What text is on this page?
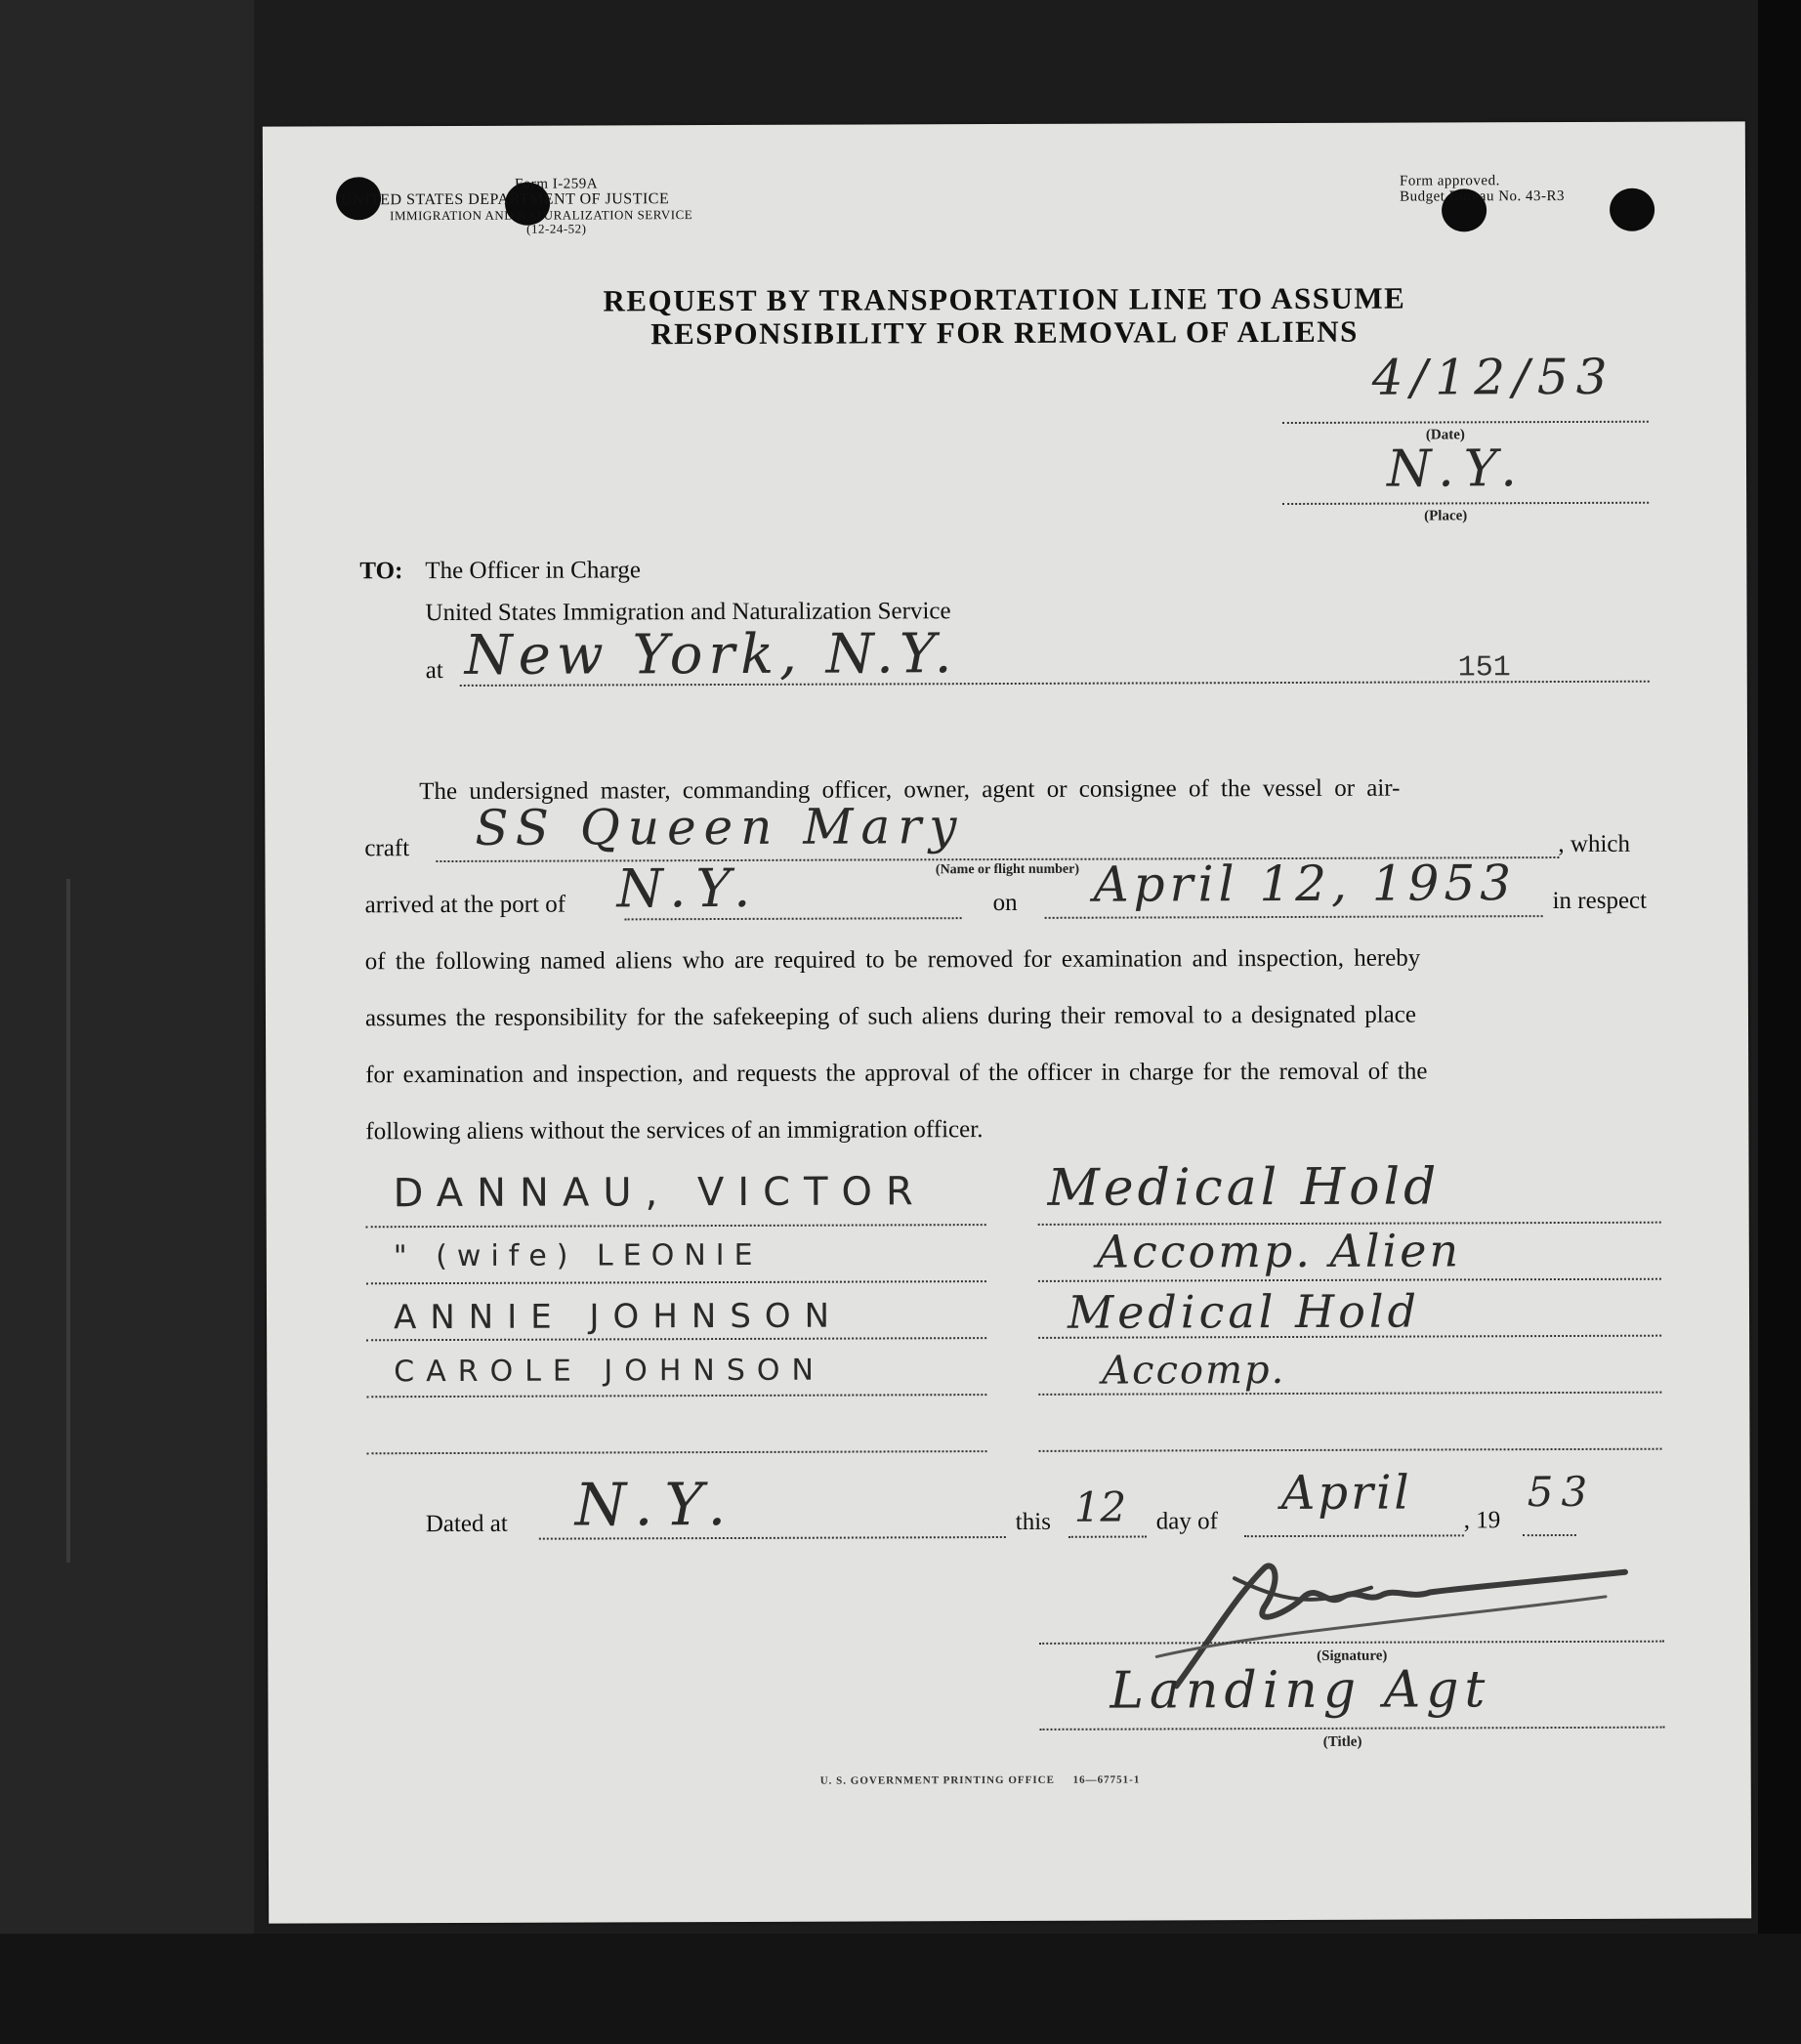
Form I-259A
UNITED STATES DEPARTMENT OF JUSTICE
IMMIGRATION AND NATURALIZATION SERVICE
(12-24-52)
Form approved.
Budget Bureau No. 43-R3
REQUEST BY TRANSPORTATION LINE TO ASSUME
RESPONSIBILITY FOR REMOVAL OF ALIENS
4/12/53
(Date)
N.Y.
(Place)
TO: The Officer in Charge
United States Immigration and Naturalization Service
at New York, N.Y.	151
The undersigned master, commanding officer, owner, agent or consignee of the vessel or air-
craft SS Queen Mary	, which
(Name or flight number)
arrived at the port of N.Y.	on April 12, 1953 in respect
of the following named aliens who are required to be removed for examination and inspection, hereby
assumes the responsibility for the safekeeping of such aliens during their removal to a designated place
for examination and inspection, and requests the approval of the officer in charge for the removal of the
following aliens without the services of an immigration officer.
DANNAU, VICTOR Medical Hold
" (wife) LEONIE	Accomp. Alien
ANNIE JOHNSON	Medical Hold
CAROLE JOHNSON	Accomp.
Dated at N.Y.	this 12 day of
April , 19
53
(Signature)
Landing Agt
(Title)
U. S. GOVERNMENT PRINTING OFFICE     16—67751-1
